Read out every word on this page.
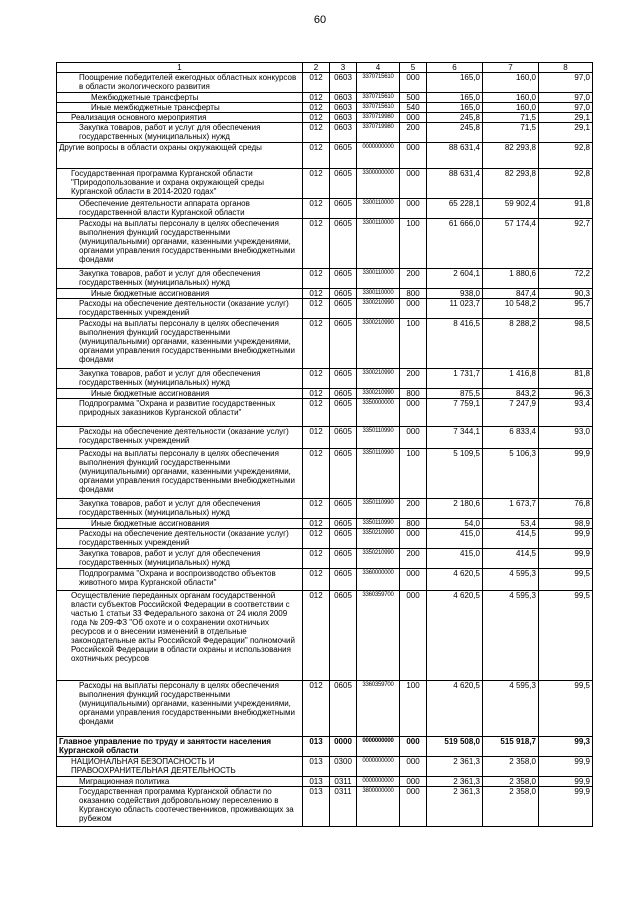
60
1	2	3	4	5	6	7	8
Поощрение победителей ежегодных областных конкурсов в области экологического развития	012	0603	3370715610	000	165,0	160,0	97,0
Межбюджетные трансферты	012	0603	3370715610	500	165,0	160,0	97,0
Иные межбюджетные трансферты	012	0603	3370715610	540	165,0	160,0	97,0
Реализация основного мероприятия	012	0603	3370719980	000	245,8	71,5	29,1
Закупка товаров, работ и услуг для обеспечения государственных (муниципальных) нужд	012	0603	3370719980	200	245,8	71,5	29,1
Другие вопросы в области охраны окружающей среды	012	0605	0000000000	000	88 631,4	82 293,8	92,8
Государственная программа Курганской области "Природопользование и охрана окружающей среды Курганской области в 2014-2020 годах"	012	0605	3300000000	000	88 631,4	82 293,8	92,8
Обеспечение деятельности аппарата органов государственной власти Курганской области	012	0605	3300110000	000	65 228,1	59 902,4	91,8
Расходы на выплаты персоналу в целях обеспечения выполнения функций государственными (муниципальными) органами, казенными учреждениями, органами управления государственными внебюджетными фондами	012	0605	3300110000	100	61 666,0	57 174,4	92,7
Закупка товаров, работ и услуг для обеспечения государственных (муниципальных) нужд	012	0605	3300110000	200	2 604,1	1 880,6	72,2
Иные бюджетные ассигнования	012	0605	3300110000	800	938,0	847,4	90,3
Расходы на обеспечение деятельности (оказание услуг) государственных учреждений	012	0605	3300210990	000	11 023,7	10 548,2	95,7
Расходы на выплаты персоналу в целях обеспечения выполнения функций государственными (муниципальными) органами, казенными учреждениями, органами управления государственными внебюджетными фондами	012	0605	3300210990	100	8 416,5	8 288,2	98,5
Закупка товаров, работ и услуг для обеспечения государственных (муниципальных) нужд	012	0605	3300210990	200	1 731,7	1 416,8	81,8
Иные бюджетные ассигнования	012	0605	3300210990	800	875,5	843,2	96,3
Подпрограмма "Охрана и развитие государственных природных заказников Курганской области"	012	0605	3350000000	000	7 759,1	7 247,9	93,4
Расходы на обеспечение деятельности (оказание услуг) государственных учреждений	012	0605	3350110990	000	7 344,1	6 833,4	93,0
Расходы на выплаты персоналу в целях обеспечения выполнения функций государственными (муниципальными) органами, казенными учреждениями, органами управления государственными внебюджетными фондами	012	0605	3350110990	100	5 109,5	5 106,3	99,9
Закупка товаров, работ и услуг для обеспечения государственных (муниципальных) нужд	012	0605	3350110990	200	2 180,6	1 673,7	76,8
Иные бюджетные ассигнования	012	0605	3350110990	800	54,0	53,4	98,9
Расходы на обеспечение деятельности (оказание услуг) государственных учреждений	012	0605	3350210990	000	415,0	414,5	99,9
Закупка товаров, работ и услуг для обеспечения государственных (муниципальных) нужд	012	0605	3350210990	200	415,0	414,5	99,9
Подпрограмма "Охрана и воспроизводство объектов животного мира Курганской области"	012	0605	3360000000	000	4 620,5	4 595,3	99,5
Осуществление переданных органам государственной власти субъектов Российской Федерации в соответствии с частью 1 статьи 33 Федерального закона от 24 июля 2009 года № 209-ФЗ "Об охоте и о сохранении охотничьих ресурсов и о внесении изменений в отдельные законодательные акты Российской Федерации" полномочий Российской Федерации в области охраны и использования охотничьих ресурсов	012	0605	3360359700	000	4 620,5	4 595,3	99,5
Расходы на выплаты персоналу в целях обеспечения выполнения функций государственными (муниципальными) органами, казенными учреждениями, органами управления государственными внебюджетными фондами	012	0605	3360359700	100	4 620,5	4 595,3	99,5
Главное управление по труду и занятости населения Курганской области	013	0000	0000000000	000	519 508,0	515 918,7	99,3
НАЦИОНАЛЬНАЯ БЕЗОПАСНОСТЬ И ПРАВООХРАНИТЕЛЬНАЯ ДЕЯТЕЛЬНОСТЬ	013	0300	0000000000	000	2 361,3	2 358,0	99,9
Миграционная политика	013	0311	0000000000	000	2 361,3	2 358,0	99,9
Государственная программа Курганской области по оказанию содействия добровольному переселению в Курганскую область соотечественников, проживающих за рубежом	013	0311	3800000000	000	2 361,3	2 358,0	99,9
